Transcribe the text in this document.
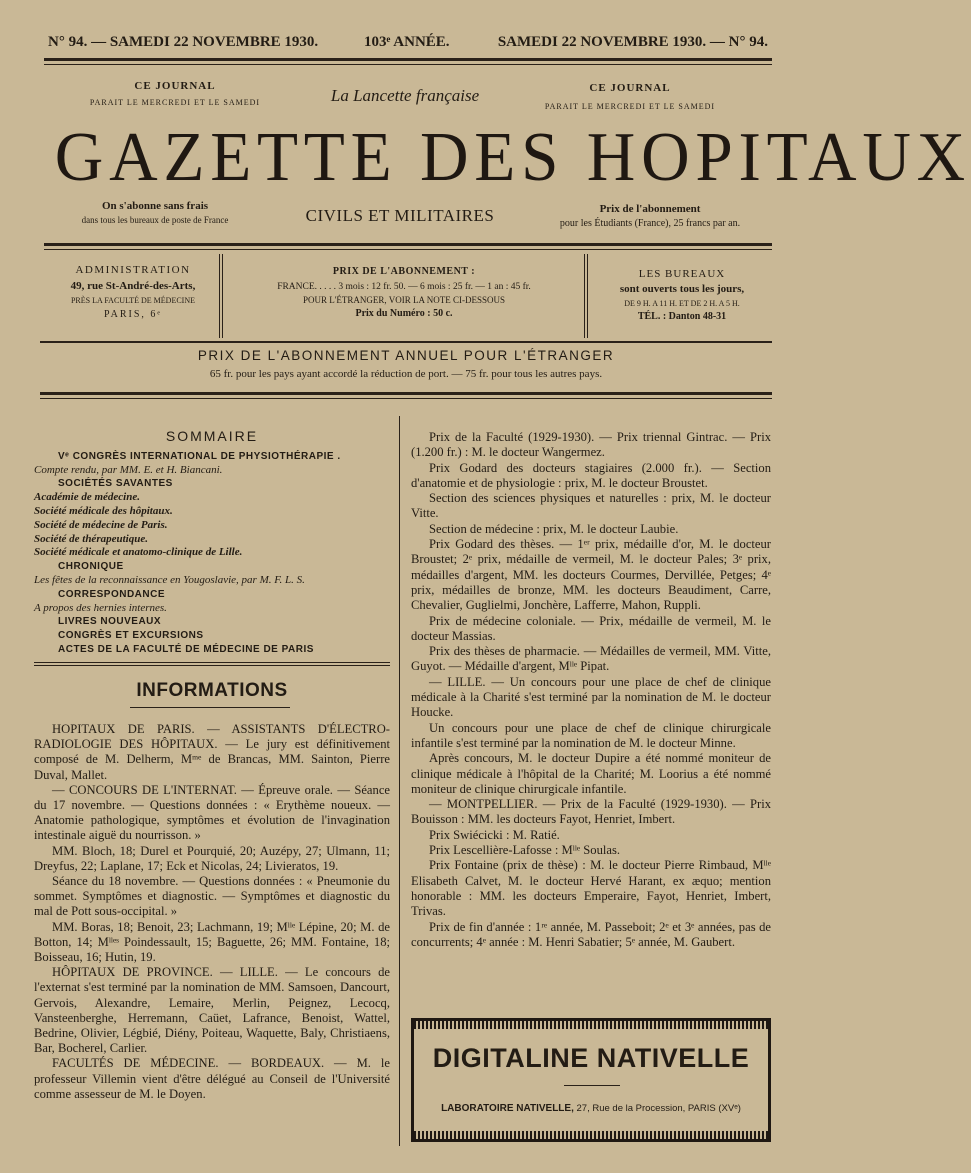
N° 94. — SAMEDI 22 NOVEMBRE 1930.	103ᵉ ANNÉE.	SAMEDI 22 NOVEMBRE 1930. — N° 94.
CE JOURNAL
PARAIT LE MERCREDI ET LE SAMEDI	La Lancette française	CE JOURNAL
PARAIT LE MERCREDI ET LE SAMEDI
GAZETTE DES HOPITAUX
On s'abonne sans frais
dans tous les bureaux de poste de France	CIVILS ET MILITAIRES	Prix de l'abonnement
pour les Étudiants (France), 25 francs par an.
ADMINISTRATION
49, rue St-André-des-Arts,
PRÈS LA FACULTÉ DE MÉDECINE
PARIS, 6ᵉ
PRIX DE L'ABONNEMENT :
FRANCE. . . . . 3 mois : 12 fr. 50. — 6 mois : 25 fr. — 1 an : 45 fr.
POUR L'ÉTRANGER, VOIR LA NOTE CI-DESSOUS
Prix du Numéro : 50 c.
LES BUREAUX
sont ouverts tous les jours,
DE 9 H. A 11 H. ET DE 2 H. A 5 H.
TÉL. : Danton 48-31
PRIX DE L'ABONNEMENT ANNUEL POUR L'ÉTRANGER
65 fr. pour les pays ayant accordé la réduction de port. — 75 fr. pour tous les autres pays.
SOMMAIRE
Vᵉ CONGRÈS INTERNATIONAL DE PHYSIOTHÉRAPIE .
Compte rendu, par MM. E. et H. Biancani.
SOCIÉTÉS SAVANTES
Académie de médecine.
Société médicale des hôpitaux.
Société de médecine de Paris.
Société de thérapeutique.
Société médicale et anatomo-clinique de Lille.
CHRONIQUE
Les fêtes de la reconnaissance en Yougoslavie, par M. F. L. S.
CORRESPONDANCE
A propos des hernies internes.
LIVRES NOUVEAUX
CONGRÈS ET EXCURSIONS
ACTES DE LA FACULTÉ DE MÉDECINE DE PARIS
INFORMATIONS

HOPITAUX DE PARIS. — ASSISTANTS D'ÉLECTRO-RADIOLOGIE DES HÔPITAUX. — Le jury est définitivement composé de M. Delherm, Mᵐᵉ de Brancas, MM. Sainton, Pierre Duval, Mallet.

— CONCOURS DE L'INTERNAT. — Épreuve orale. — Séance du 17 novembre. — Questions données : « Erythème noueux. — Anatomie pathologique, symptômes et évolution de l'invagination intestinale aiguë du nourrisson. »

MM. Bloch, 18; Durel et Pourquié, 20; Auzépy, 27; Ulmann, 11; Dreyfus, 22; Laplane, 17; Eck et Nicolas, 24; Livieratos, 19.

Séance du 18 novembre. — Questions données : « Pneumonie du sommet. Symptômes et diagnostic. — Symptômes et diagnostic du mal de Pott sous-occipital. »

MM. Boras, 18; Benoit, 23; Lachmann, 19; Mˡˡᵉ Lépine, 20; M. de Botton, 14; Mˡˡᵉˢ Poindessault, 15; Baguette, 26; MM. Fontaine, 18; Boisseau, 16; Hutin, 19.

HÔPITAUX DE PROVINCE. — LILLE. — Le concours de l'externat s'est terminé par la nomination de MM. Samsoen, Dancourt, Gervois, Alexandre, Lemaire, Merlin, Peignez, Lecocq, Vansteenberghe, Herremann, Caüet, Lafrance, Benoist, Wattel, Bedrine, Olivier, Légbié, Diény, Poiteau, Waquette, Baly, Christiaens, Bar, Bocherel, Carlier.

FACULTÉS DE MÉDECINE. — BORDEAUX. — M. le professeur Villemin vient d'être délégué au Conseil de l'Université comme assesseur de M. le Doyen.

Prix de la Faculté (1929-1930). — Prix triennal Gintrac. — Prix (1.200 fr.) : M. le docteur Wangermez.

Prix Godard des docteurs stagiaires (2.000 fr.). — Section d'anatomie et de physiologie : prix, M. le docteur Broustet.

Section des sciences physiques et naturelles : prix, M. le docteur Vitte.

Section de médecine : prix, M. le docteur Laubie.

Prix Godard des thèses. — 1ᵉʳ prix, médaille d'or, M. le docteur Broustet; 2ᵉ prix, médaille de vermeil, M. le docteur Pales; 3ᵉ prix, médailles d'argent, MM. les docteurs Courmes, Dervillée, Petges; 4ᵉ prix, médailles de bronze, MM. les docteurs Beaudiment, Carre, Chevalier, Guglielmi, Jonchère, Lafferre, Mahon, Ruppli.

Prix de médecine coloniale. — Prix, médaille de vermeil, M. le docteur Massias.

Prix des thèses de pharmacie. — Médailles de vermeil, MM. Vitte, Guyot. — Médaille d'argent, Mˡˡᵉ Pipat.

— LILLE. — Un concours pour une place de chef de clinique médicale à la Charité s'est terminé par la nomination de M. le docteur Houcke.

Un concours pour une place de chef de clinique chirurgicale infantile s'est terminé par la nomination de M. le docteur Minne.

Après concours, M. le docteur Dupire a été nommé moniteur de clinique médicale à l'hôpital de la Charité; M. Loorius a été nommé moniteur de clinique chirurgicale infantile.

— MONTPELLIER. — Prix de la Faculté (1929-1930). — Prix Bouisson : MM. les docteurs Fayot, Henriet, Imbert.

Prix Swiécicki : M. Ratié.

Prix Lescellière-Lafosse : Mˡˡᵉ Soulas.

Prix Fontaine (prix de thèse) : M. le docteur Pierre Rimbaud, Mˡˡᵉ Elisabeth Calvet, M. le docteur Hervé Harant, ex æquo; mention honorable : MM. les docteurs Emperaire, Fayot, Henriet, Imbert, Trivas.

Prix de fin d'année : 1ʳᵉ année, M. Passeboit; 2ᵉ et 3ᵉ années, pas de concurrents; 4ᵉ année : M. Henri Sabatier; 5ᵉ année, M. Gaubert.

DIGITALINE NATIVELLE
LABORATOIRE NATIVELLE, 27, Rue de la Procession, PARIS (XVᵉ)
